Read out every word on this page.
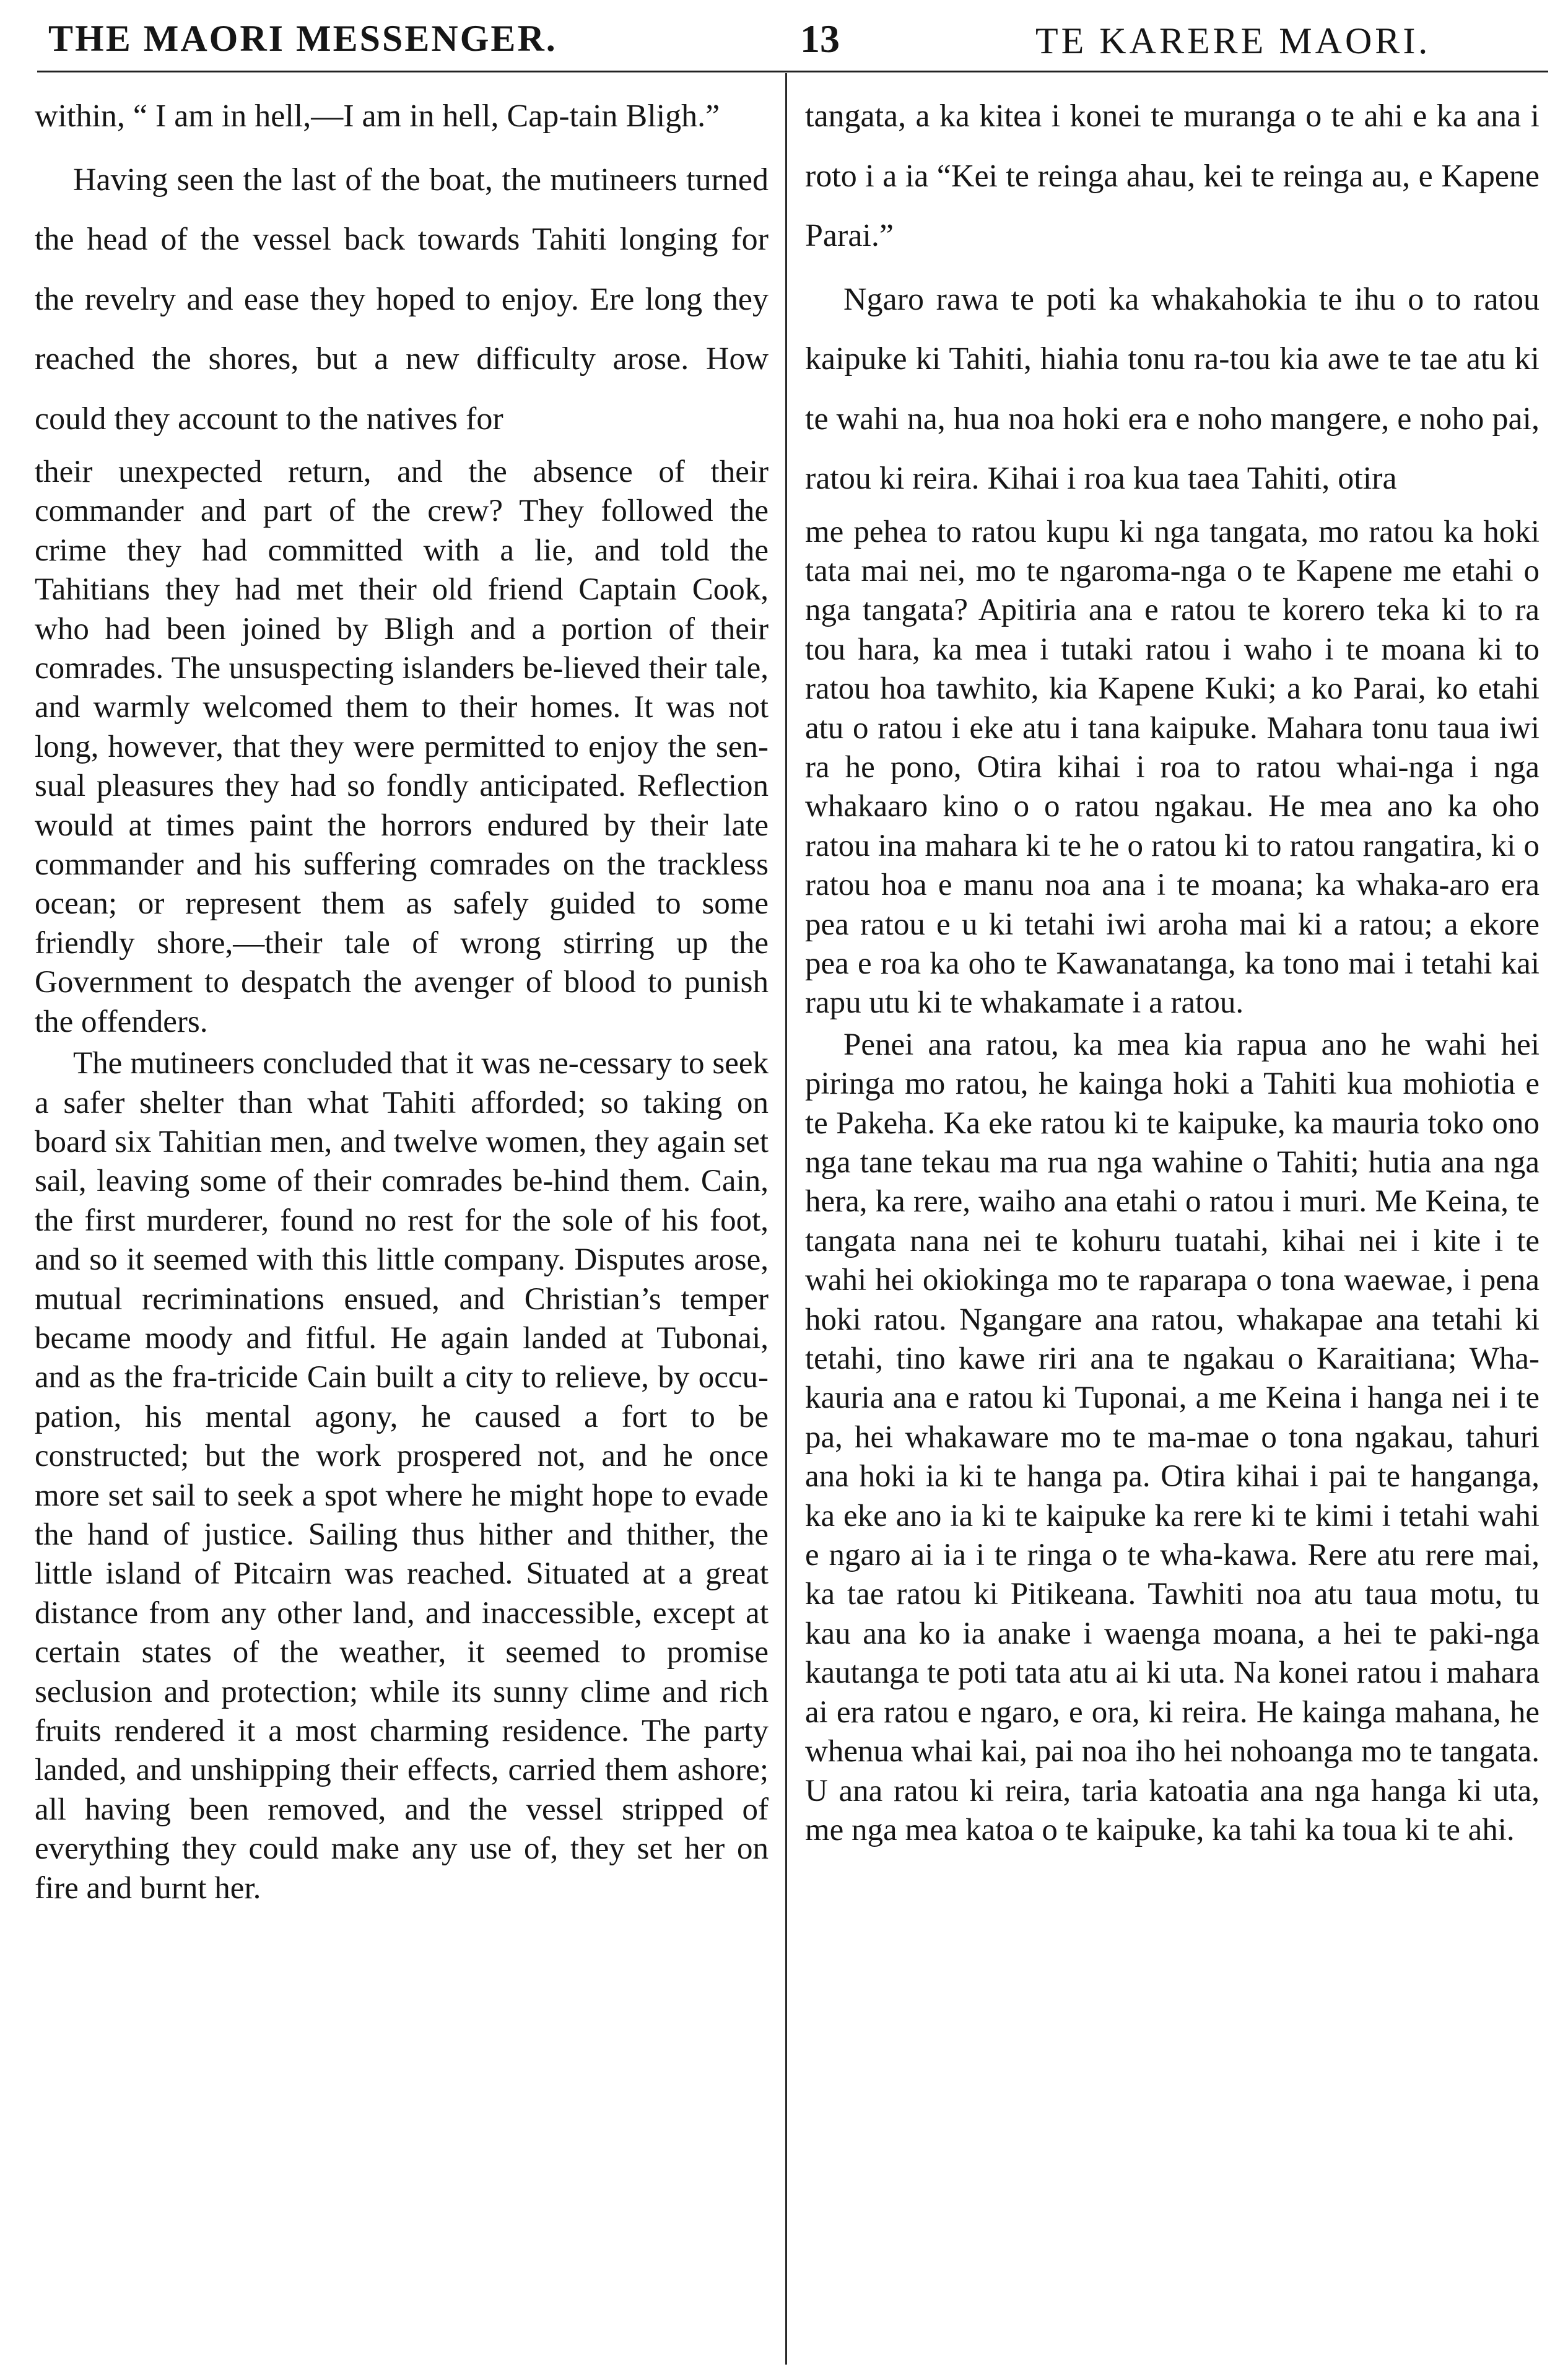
THE MAORI MESSENGER.	13	TE KARERE MAORI.

within, “ I am in hell,—I am in hell, Cap-tain Bligh.”

Having seen the last of the boat, the mutineers turned the head of the vessel back towards Tahiti longing for the revelry and ease they hoped to enjoy. Ere long they reached the shores, but a new difficulty arose. How could they account to the natives for

their unexpected return, and the absence of their commander and part of the crew? They followed the crime they had committed with a lie, and told the Tahitians they had met their old friend Captain Cook, who had been joined by Bligh and a portion of their comrades. The unsuspecting islanders be-lieved their tale, and warmly welcomed them to their homes. It was not long, however, that they were permitted to enjoy the sen-sual pleasures they had so fondly anticipated. Reflection would at times paint the horrors endured by their late commander and his suffering comrades on the trackless ocean; or represent them as safely guided to some friendly shore,—their tale of wrong stirring up the Government to despatch the avenger of blood to punish the offenders.

The mutineers concluded that it was ne-cessary to seek a safer shelter than what Tahiti afforded; so taking on board six Tahitian men, and twelve women, they again set sail, leaving some of their comrades be-hind them. Cain, the first murderer, found no rest for the sole of his foot, and so it seemed with this little company. Disputes arose, mutual recriminations ensued, and Christian’s temper became moody and fitful. He again landed at Tubonai, and as the fra-tricide Cain built a city to relieve, by occu-pation, his mental agony, he caused a fort to be constructed; but the work prospered not, and he once more set sail to seek a spot where he might hope to evade the hand of justice. Sailing thus hither and thither, the little island of Pitcairn was reached. Situated at a great distance from any other land, and inaccessible, except at certain states of the weather, it seemed to promise seclusion and protection; while its sunny clime and rich fruits rendered it a most charming residence. The party landed, and unshipping their effects, carried them ashore; all having been removed, and the vessel stripped of everything they could make any use of, they set her on fire and burnt her.

tangata, a ka kitea i konei te muranga o te ahi e ka ana i roto i a ia “Kei te reinga ahau, kei te reinga au, e Kapene Parai.”

Ngaro rawa te poti ka whakahokia te ihu o to ratou kaipuke ki Tahiti, hiahia tonu ra-tou kia awe te tae atu ki te wahi na, hua noa hoki era e noho mangere, e noho pai, ratou ki reira. Kihai i roa kua taea Tahiti, otira

me pehea to ratou kupu ki nga tangata, mo ratou ka hoki tata mai nei, mo te ngaroma-nga o te Kapene me etahi o nga tangata? Apitiria ana e ratou te korero teka ki to ra tou hara, ka mea i tutaki ratou i waho i te moana ki to ratou hoa tawhito, kia Kapene Kuki; a ko Parai, ko etahi atu o ratou i eke atu i tana kaipuke. Mahara tonu taua iwi ra he pono, Otira kihai i roa to ratou whai-nga i nga whakaaro kino o o ratou ngakau. He mea ano ka oho ratou ina mahara ki te he o ratou ki to ratou rangatira, ki o ratou hoa e manu noa ana i te moana; ka whaka-aro era pea ratou e u ki tetahi iwi aroha mai ki a ratou; a ekore pea e roa ka oho te Kawanatanga, ka tono mai i tetahi kai rapu utu ki te whakamate i a ratou.

Penei ana ratou, ka mea kia rapua ano he wahi hei piringa mo ratou, he kainga hoki a Tahiti kua mohiotia e te Pakeha. Ka eke ratou ki te kaipuke, ka mauria toko ono nga tane tekau ma rua nga wahine o Tahiti; hutia ana nga hera, ka rere, waiho ana etahi o ratou i muri. Me Keina, te tangata nana nei te kohuru tuatahi, kihai nei i kite i te wahi hei okiokinga mo te raparapa o tona waewae, i pena hoki ratou. Ngangare ana ratou, whakapae ana tetahi ki tetahi, tino kawe riri ana te ngakau o Karaitiana; Wha-kauria ana e ratou ki Tuponai, a me Keina i hanga nei i te pa, hei whakaware mo te ma-mae o tona ngakau, tahuri ana hoki ia ki te hanga pa. Otira kihai i pai te hanganga, ka eke ano ia ki te kaipuke ka rere ki te kimi i tetahi wahi e ngaro ai ia i te ringa o te wha-kawa. Rere atu rere mai, ka tae ratou ki Pitikeana. Tawhiti noa atu taua motu, tu kau ana ko ia anake i waenga moana, a hei te paki-nga kautanga te poti tata atu ai ki uta. Na konei ratou i mahara ai era ratou e ngaro, e ora, ki reira. He kainga mahana, he whenua whai kai, pai noa iho hei nohoanga mo te tangata. U ana ratou ki reira, taria katoatia ana nga hanga ki uta, me nga mea katoa o te kaipuke, ka tahi ka toua ki te ahi.
